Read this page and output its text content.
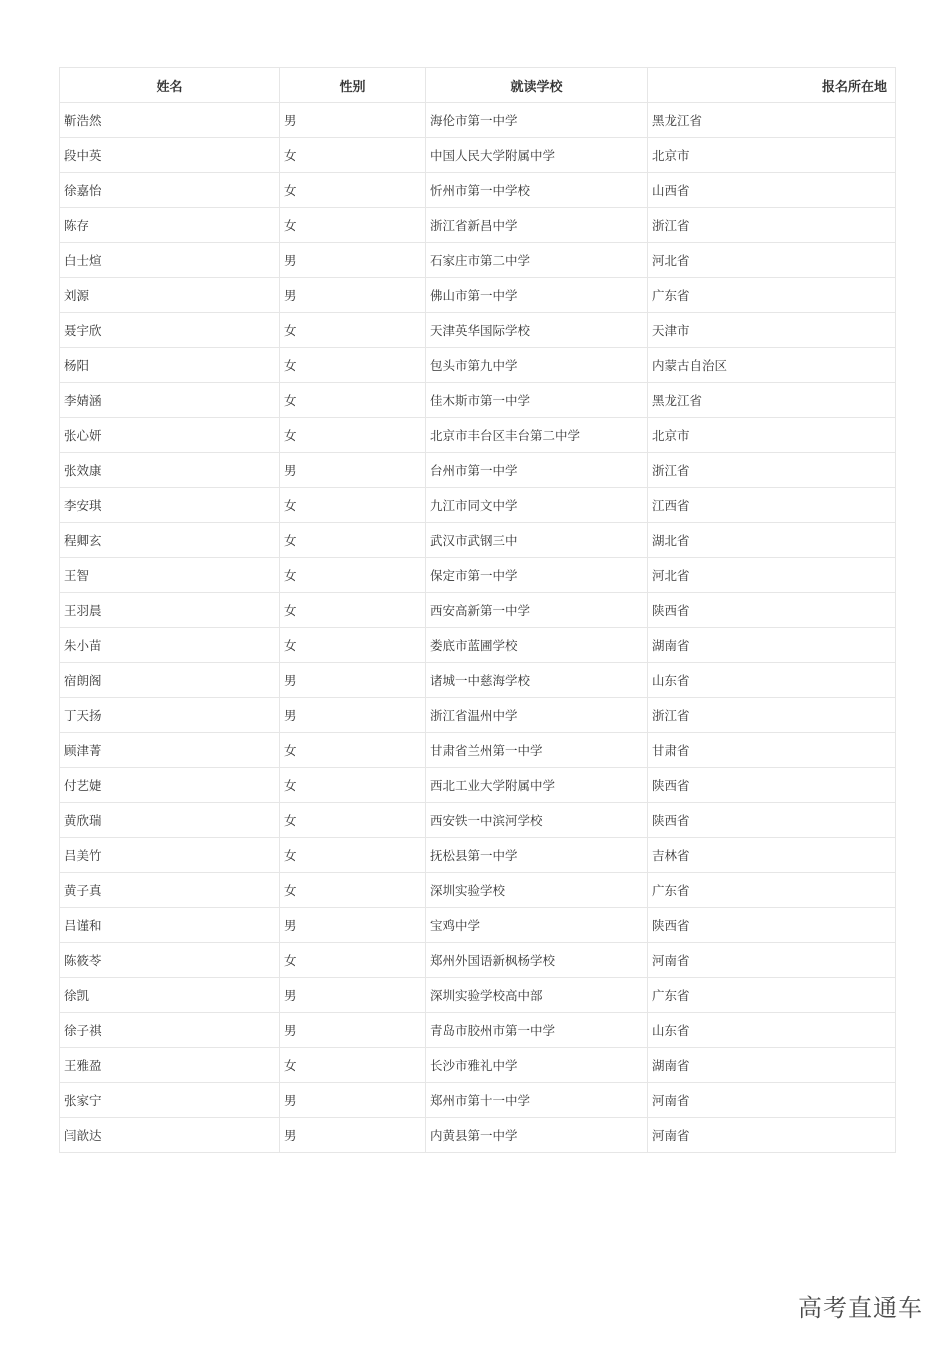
姓名	性别	就读学校	报名所在地
靳浩然	男	海伦市第一中学	黑龙江省
段中英	女	中国人民大学附属中学	北京市
徐嘉怡	女	忻州市第一中学校	山西省
陈存	女	浙江省新昌中学	浙江省
白士煊	男	石家庄市第二中学	河北省
刘源	男	佛山市第一中学	广东省
聂宇欣	女	天津英华国际学校	天津市
杨阳	女	包头市第九中学	内蒙古自治区
李婧涵	女	佳木斯市第一中学	黑龙江省
张心妍	女	北京市丰台区丰台第二中学	北京市
张效康	男	台州市第一中学	浙江省
李安琪	女	九江市同文中学	江西省
程卿玄	女	武汉市武钢三中	湖北省
王智	女	保定市第一中学	河北省
王羽晨	女	西安高新第一中学	陕西省
朱小苗	女	娄底市蓝圃学校	湖南省
宿朗阁	男	诸城一中慈海学校	山东省
丁天扬	男	浙江省温州中学	浙江省
顾津菁	女	甘肃省兰州第一中学	甘肃省
付艺婕	女	西北工业大学附属中学	陕西省
黄欣瑞	女	西安铁一中滨河学校	陕西省
吕美竹	女	抚松县第一中学	吉林省
黄子真	女	深圳实验学校	广东省
吕谨和	男	宝鸡中学	陕西省
陈筱苓	女	郑州外国语新枫杨学校	河南省
徐凯	男	深圳实验学校高中部	广东省
徐子祺	男	青岛市胶州市第一中学	山东省
王雅盈	女	长沙市雅礼中学	湖南省
张家宁	男	郑州市第十一中学	河南省
闫歆达	男	内黄县第一中学	河南省
高考直通车
